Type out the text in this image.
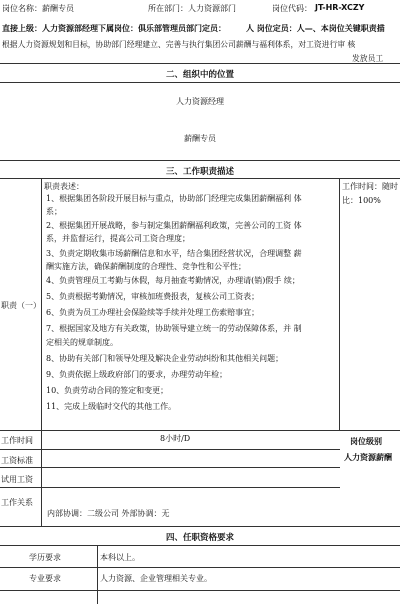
岗位名称：薪酬专员	所在部门：人力资源部门	岗位代码： JT-HR-XCZY
直接上级：人力资源部经理下属岗位：俱乐部管理员部门定员：	人 岗位定员：人—、本岗位关键职责描
根据人力资源规划和目标，协助部门经理建立、完善与执行集团公司薪酬与福利体系，对工资进行审 核
发放员工
二、组织中的位置
人力资源经理
薪酬专员
三、工作职责描述
职责表述：	工作时间：随时
比：100%
职责（一）
1、根据集团各阶段开展目标与重点，协助部门经理完成集团薪酬福利 体
系；
2、根据集团开展战略，参与制定集团薪酬福利政策，完善公司的工资 体
系，并监督运行，提高公司工资合理度；
3、负责定期收集市场薪酬信息和水平，结合集团经营状况，合理调整 薪
酬实施方法，确保薪酬制度的合理性、竞争性和公平性；
4、负责管理员工考勤与休假，每月抽查考勤情况，办理请(销)假手 续；
5、负责根据考勤情况，审核加班费报表，复核公司工资表；
6、负责为员工办理社会保险续等手续并处理工伤索赔事宜；
7、根据国家及地方有关政策，协助领导建立统一的劳动保障体系，并 制
定相关的规章制度。
8、协助有关部门和领导处理及解决企业劳动纠纷和其他相关问题；
9、负责依据上级政府部门的要求，办理劳动年检；
10、负责劳动合同的签定和变更；
11、完成上级临时交代的其他工作。
工作时间	8小时/D	岗位级别
人力资源薪酬
工资标准
试用工资
工作关系
内部协调：二级公司 外部协调：无
四、任职资格要求
学历要求	本科以上。
专业要求	人力资源、企业管理相关专业。
